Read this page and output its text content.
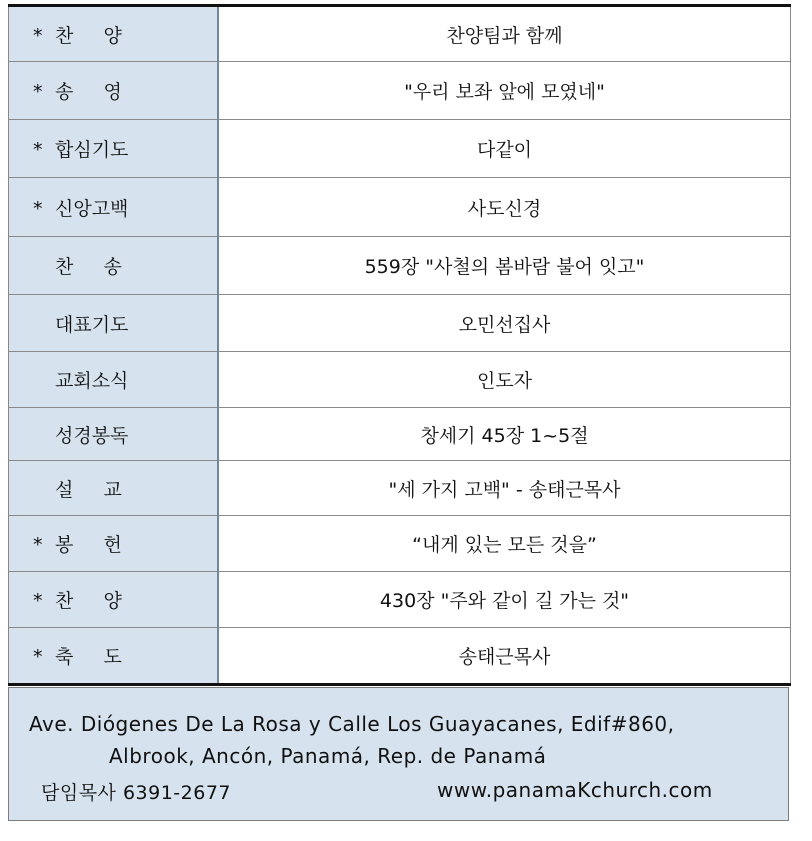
* 찬     양	찬양팀과 함께
* 송     영	"우리 보좌 앞에 모였네"
* 합심기도	다같이
* 신앙고백	사도신경
찬     송	559장 "사철의 봄바람 불어 잇고"
대표기도	오민선집사
교회소식	인도자
성경봉독	창세기 45장 1~5절
설     교	"세 가지 고백" - 송태근목사
* 봉     헌	“내게 있는 모든 것을”
* 찬     양	430장 "주와 같이 길 가는 것"
* 축     도	송태근목사
Ave. Diógenes De La Rosa y Calle Los Guayacanes, Edif#860,
Albrook, Ancón, Panamá, Rep. de Panamá
담임목사 6391-2677	www.panamaKchurch.com
